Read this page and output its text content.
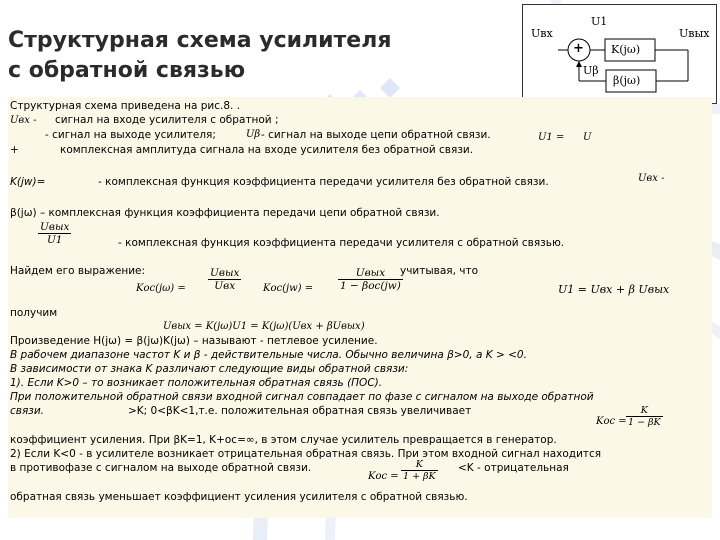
Структурная схема усилителя
с обратной связью
Uвх
U1
Uвых
Uβ
K(jω)
β(jω)
+
Структурная схема приведена на рис.8. .
Uвх - сигнал на входе усилителя с обратной ;
- сигнал на выходе усилителя;	Uβ - сигнал на выходе цепи обратной связи.	U1 = U
+	комплексная амплитуда сигнала на входе усилителя без обратной связи.
K(jw)=	- комплексная функция коэффициента передачи усилителя без обратной связи.	Uвх -
β(jω) – комплексная функция коэффициента передачи цепи обратной связи.
Uвых
U1	- комплексная функция коэффициента передачи усилителя с обратной связью.
Найдем его выражение:	учитывая, что
Kос(jω) =
Uвых
Uвх	Kос(jw) =
Uвых
1 − βос(jw)	U1 = Uвх + β Uвых
получим
Uвых = K(jω)U1 = K(jω)(Uвх + βUвых)
Произведение H(jω) = β(jω)K(jω) – называют - петлевое усиление.
В рабочем диапазоне частот K и β - действительные числа. Обычно величина β>0, а K > <0.
В зависимости от знака K различают следующие виды обратной связи:
1). Если K>0 – то возникает положительная обратная связь (ПОС).
При положительной обратной связи входной сигнал совпадает по фазе с сигналом на выходе обратной
связи.	>K; 0<βK<1,т.е. положительная обратная связь увеличивает
Kос = $\frac{K}{1 - \beta K}$
коэффициент усиления. При βK=1, K+oc=∞, в этом случае усилитель превращается в генератор.
2) Если K<0 - в усилителе возникает отрицательная обратная связь. При этом входной сигнал находится
в противофазе с сигналом на выходе обратной связи.
Kос = $\frac{K}{1 + \beta K} <K$ - отрицательная
обратная связь уменьшает коэффициент усиления усилителя с обратной связью.
